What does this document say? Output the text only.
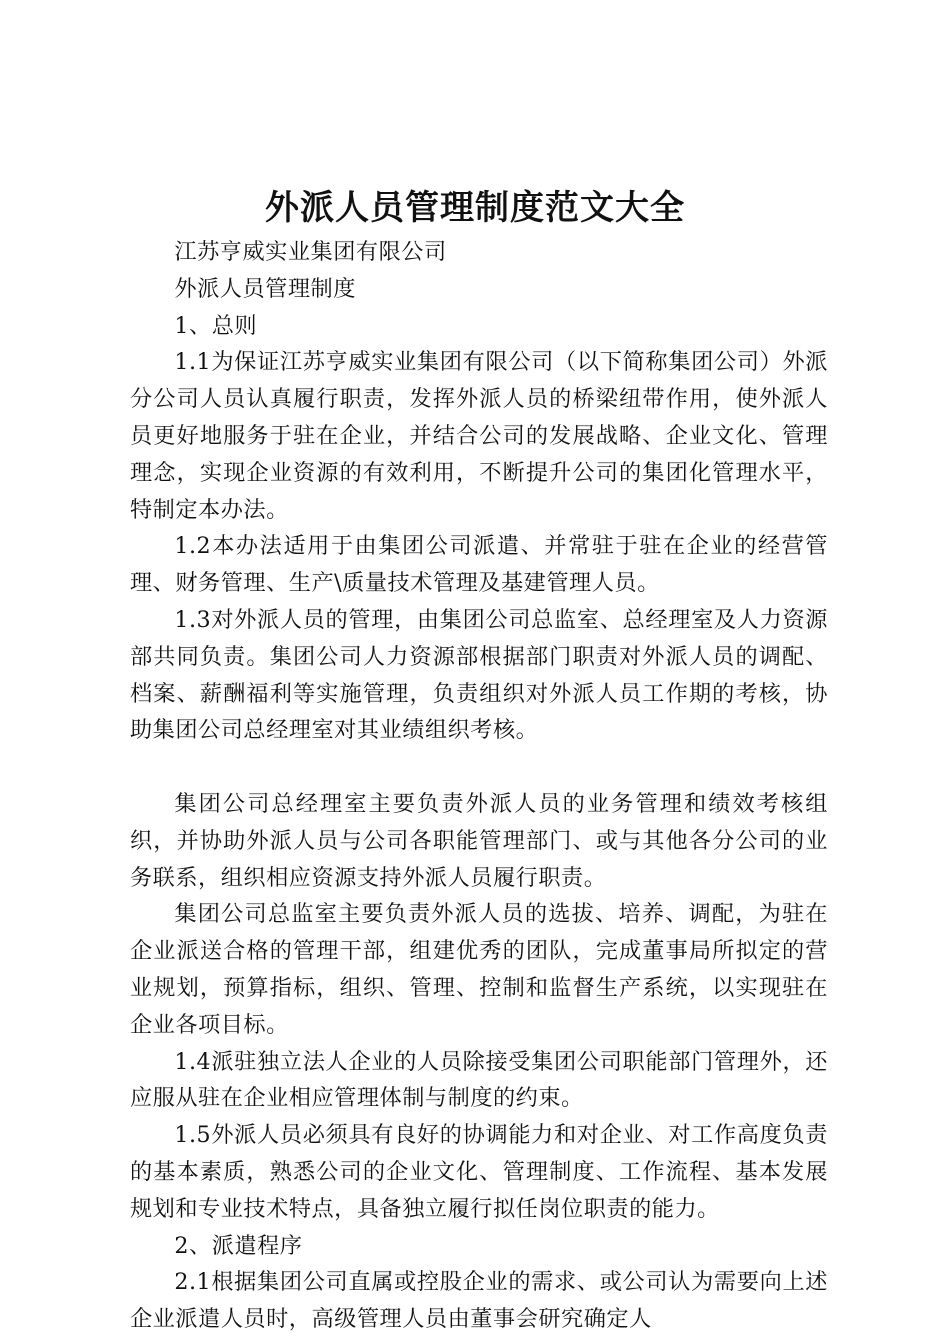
外派人员管理制度范文大全

江苏亨威实业集团有限公司

外派人员管理制度

1、总则

1.1为保证江苏亨威实业集团有限公司（以下简称集团公司）外派分公司人员认真履行职责，发挥外派人员的桥梁纽带作用，使外派人员更好地服务于驻在企业，并结合公司的发展战略、企业文化、管理理念，实现企业资源的有效利用，不断提升公司的集团化管理水平，特制定本办法。

1.2本办法适用于由集团公司派遣、并常驻于驻在企业的经营管理、财务管理、生产\质量技术管理及基建管理人员。

1.3对外派人员的管理，由集团公司总监室、总经理室及人力资源部共同负责。集团公司人力资源部根据部门职责对外派人员的调配、档案、薪酬福利等实施管理，负责组织对外派人员工作期的考核，协助集团公司总经理室对其业绩组织考核。

集团公司总经理室主要负责外派人员的业务管理和绩效考核组织，并协助外派人员与公司各职能管理部门、或与其他各分公司的业务联系，组织相应资源支持外派人员履行职责。

集团公司总监室主要负责外派人员的选拔、培养、调配，为驻在企业派送合格的管理干部，组建优秀的团队，完成董事局所拟定的营业规划，预算指标，组织、管理、控制和监督生产系统，以实现驻在企业各项目标。

1.4派驻独立法人企业的人员除接受集团公司职能部门管理外，还应服从驻在企业相应管理体制与制度的约束。

1.5外派人员必须具有良好的协调能力和对企业、对工作高度负责的基本素质，熟悉公司的企业文化、管理制度、工作流程、基本发展规划和专业技术特点，具备独立履行拟任岗位职责的能力。

2、派遣程序

2.1根据集团公司直属或控股企业的需求、或公司认为需要向上述企业派遣人员时，高级管理人员由董事会研究确定人
